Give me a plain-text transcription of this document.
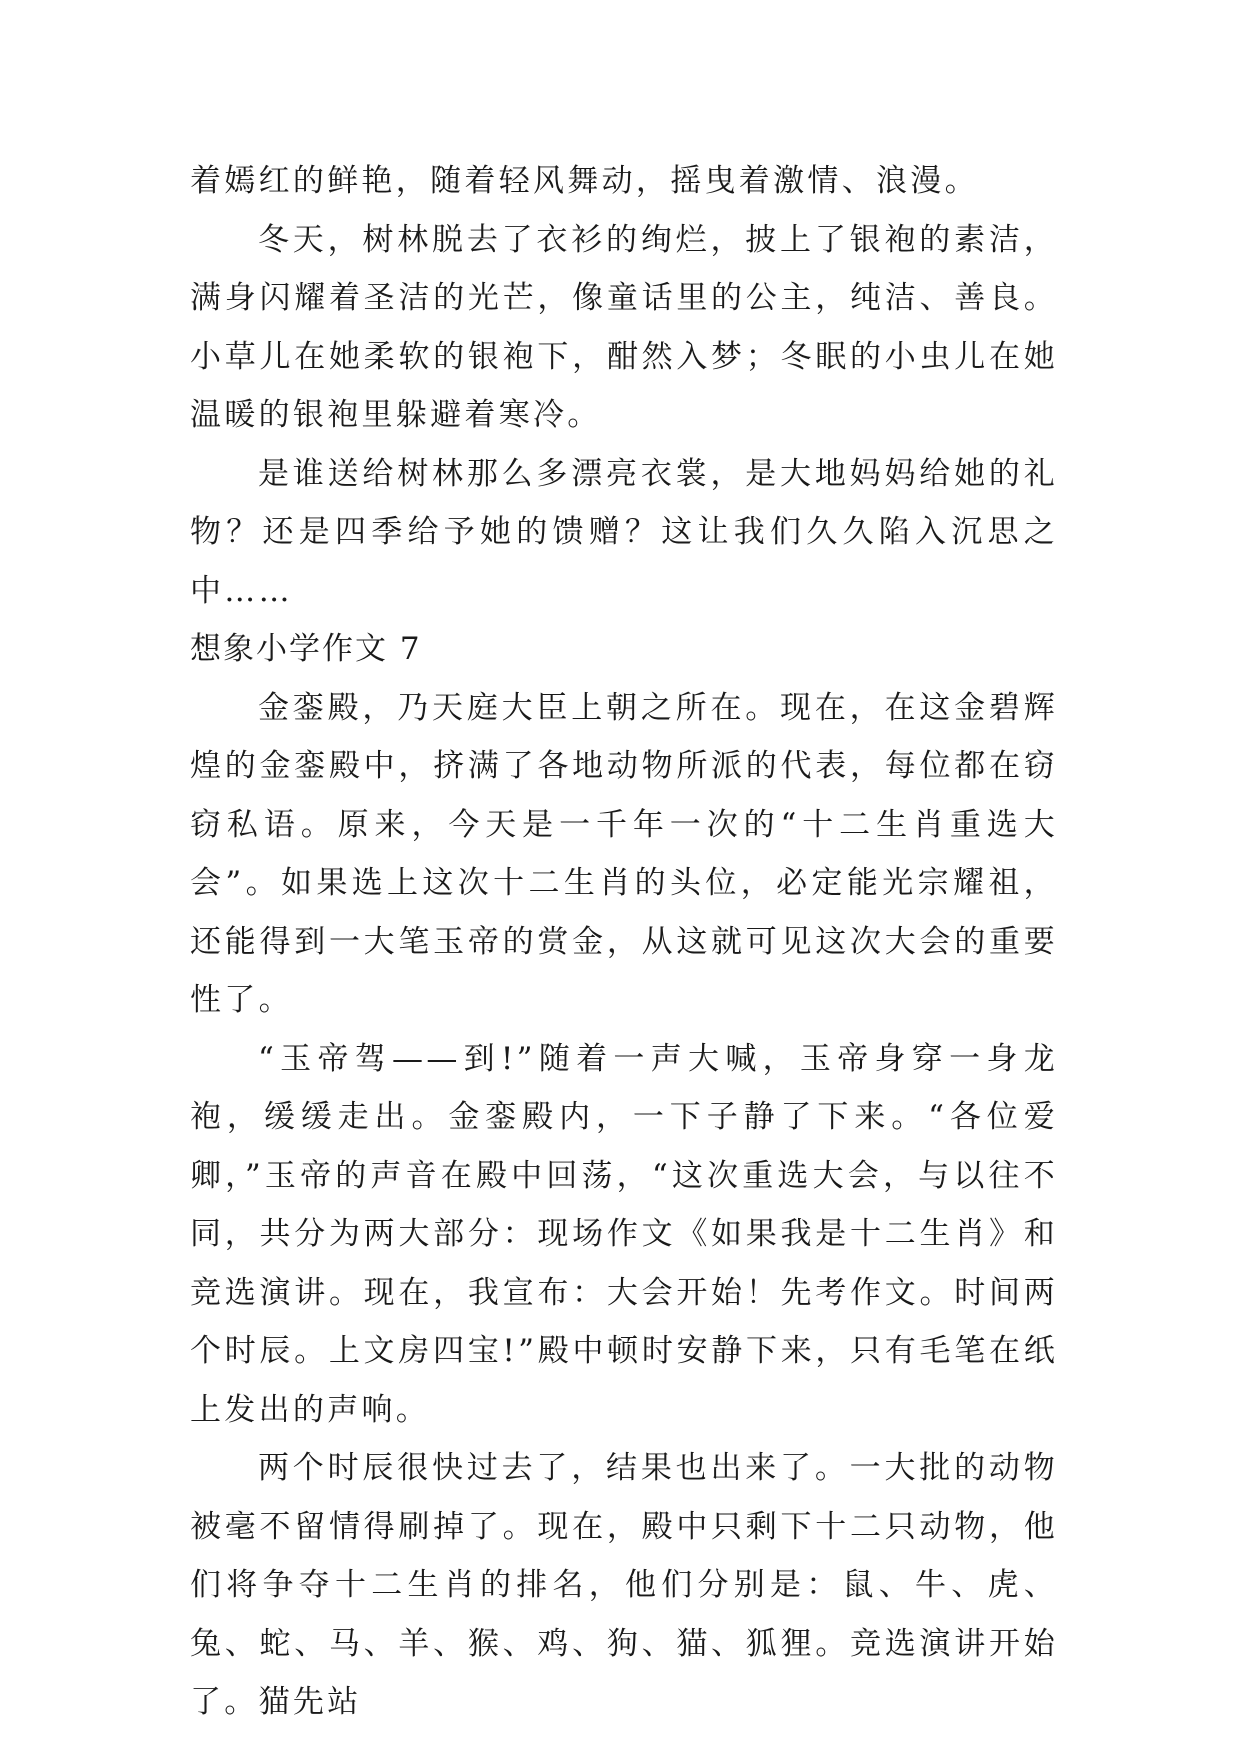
着嫣红的鲜艳，随着轻风舞动，摇曳着激情、浪漫。

冬天，树林脱去了衣衫的绚烂，披上了银袍的素洁，满身闪耀着圣洁的光芒，像童话里的公主，纯洁、善良。小草儿在她柔软的银袍下，酣然入梦；冬眠的小虫儿在她温暖的银袍里躲避着寒冷。

是谁送给树林那么多漂亮衣裳，是大地妈妈给她的礼物？还是四季给予她的馈赠？这让我们久久陷入沉思之中……

想象小学作文 7

金銮殿，乃天庭大臣上朝之所在。现在，在这金碧辉煌的金銮殿中，挤满了各地动物所派的代表，每位都在窃窃私语。原来，今天是一千年一次的“十二生肖重选大会”。如果选上这次十二生肖的头位，必定能光宗耀祖，还能得到一大笔玉帝的赏金，从这就可见这次大会的重要性了。

“玉帝驾——到!”随着一声大喊，玉帝身穿一身龙袍，缓缓走出。金銮殿内，一下子静了下来。“各位爱卿，”玉帝的声音在殿中回荡，“这次重选大会，与以往不同，共分为两大部分：现场作文《如果我是十二生肖》和竞选演讲。现在，我宣布：大会开始！先考作文。时间两个时辰。上文房四宝!”殿中顿时安静下来，只有毛笔在纸上发出的声响。

两个时辰很快过去了，结果也出来了。一大批的动物被毫不留情得刷掉了。现在，殿中只剩下十二只动物，他们将争夺十二生肖的排名，他们分别是：鼠、牛、虎、兔、蛇、马、羊、猴、鸡、狗、猫、狐狸。竞选演讲开始了。猫先站
